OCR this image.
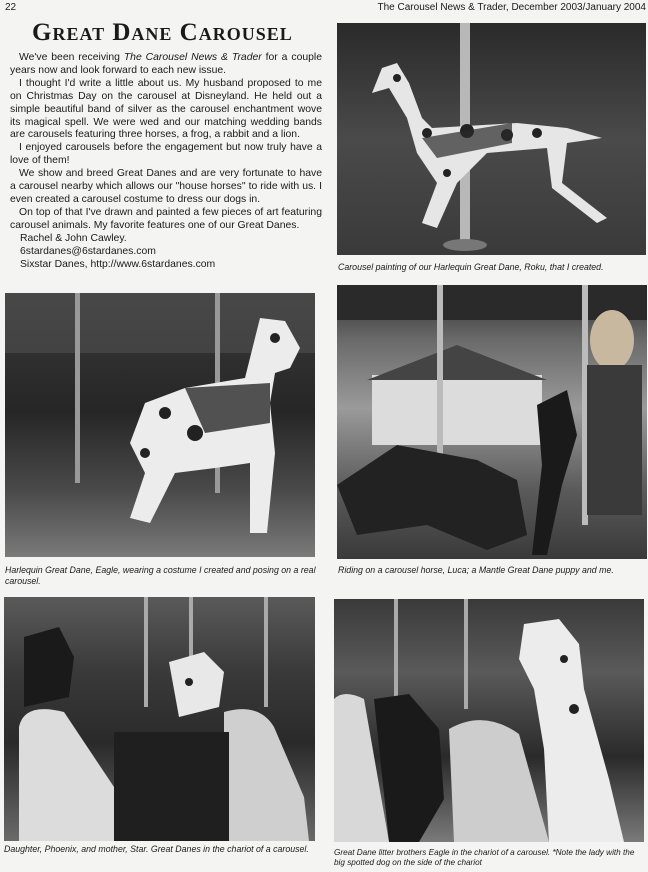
22	The Carousel News & Trader, December 2003/January 2004
Great Dane Carousel

We've been receiving The Carousel News & Trader for a couple years now and look forward to each new issue.

I thought I'd write a little about us. My husband proposed to me on Christmas Day on the carousel at Disneyland. He held out a simple beautiful band of silver as the carousel enchantment wove its magical spell. We were wed and our matching wedding bands are carousels featuring three horses, a frog, a rabbit and a lion.

I enjoyed carousels before the engagement but now truly have a love of them!

We show and breed Great Danes and are very fortunate to have a carousel nearby which allows our "house horses" to ride with us. I even created a carousel costume to dress our dogs in.

On top of that I've drawn and painted a few pieces of art featuring carousel animals. My favorite features one of our Great Danes.

Rachel & John Cawley.
6stardanes@6stardanes.com
Sixstar Danes, http://www.6stardanes.com	Carousel painting of our Harlequin Great Dane, Roku, that I created.
Harlequin Great Dane, Eagle, wearing a costume I created and posing on a real carousel.
Riding on a carousel horse, Luca; a Mantle Great Dane puppy and me.
Daughter, Phoenix, and mother, Star. Great Danes in the chariot of a carousel.	Great Dane litter brothers Eagle in the chariot of a carousel. *Note the lady with the big spotted dog on the side of the chariot
